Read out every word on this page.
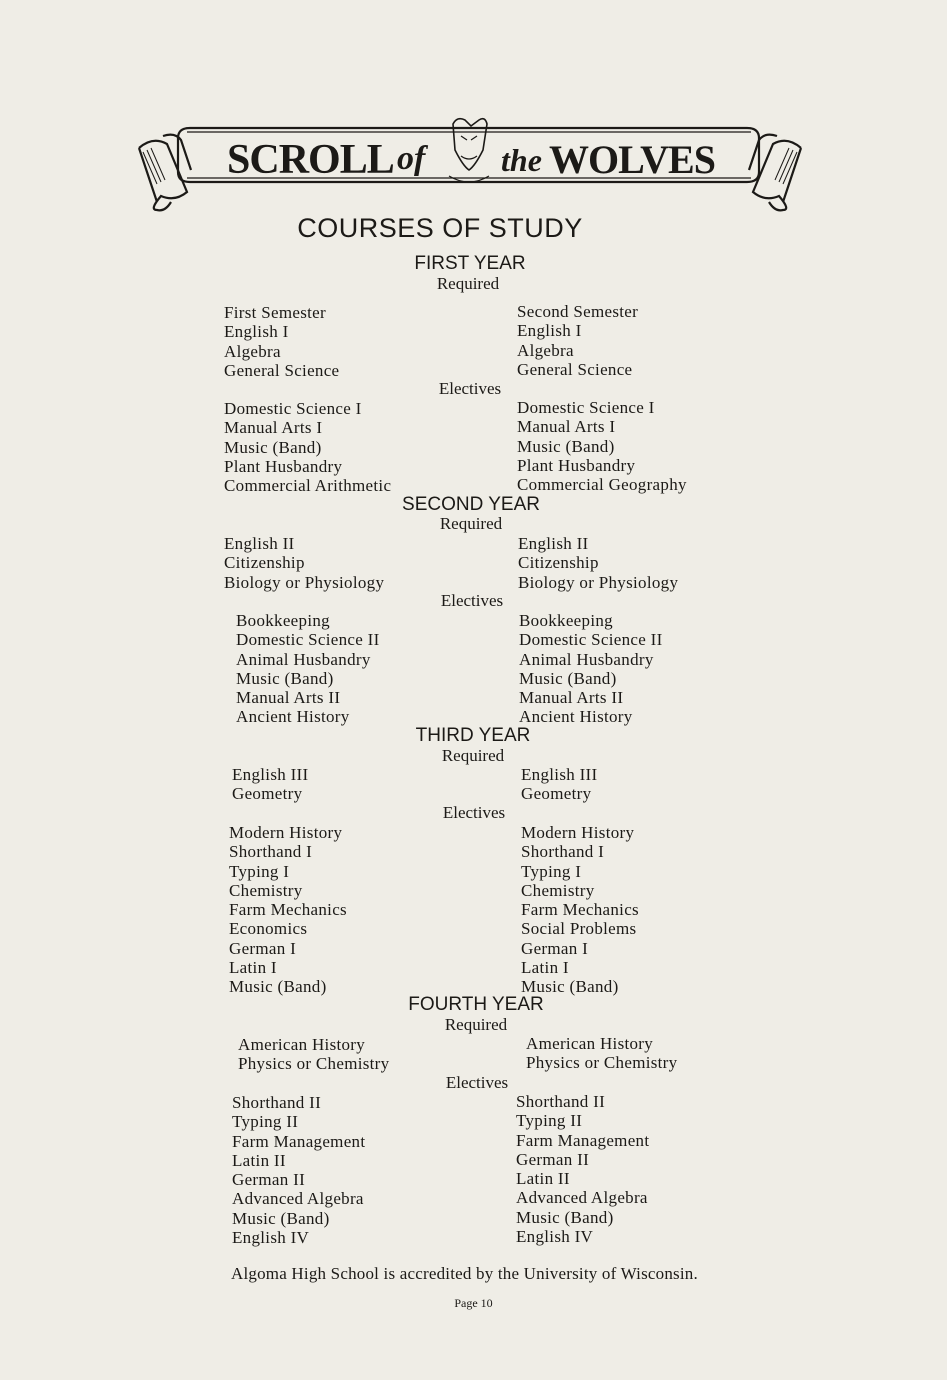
SCROLL of the WOLVES
COURSES OF STUDY
FIRST YEAR
Required
First Semester
English I
Algebra
General Science
Second Semester
English I
Algebra
General Science
Electives
Domestic Science I
Manual Arts I
Music (Band)
Plant Husbandry
Commercial Arithmetic
Domestic Science I
Manual Arts I
Music (Band)
Plant Husbandry
Commercial Geography
SECOND YEAR
Required
English II
Citizenship
Biology or Physiology
English II
Citizenship
Biology or Physiology
Electives
Bookkeeping
Domestic Science II
Animal Husbandry
Music (Band)
Manual Arts II
Ancient History
Bookkeeping
Domestic Science II
Animal Husbandry
Music (Band)
Manual Arts II
Ancient History
THIRD YEAR
Required
English III
Geometry
English III
Geometry
Electives
Modern History
Shorthand I
Typing I
Chemistry
Farm Mechanics
Economics
German I
Latin I
Music (Band)
Modern History
Shorthand I
Typing I
Chemistry
Farm Mechanics
Social Problems
German I
Latin I
Music (Band)
FOURTH YEAR
Required
American History
Physics or Chemistry
American History
Physics or Chemistry
Electives
Shorthand II
Typing II
Farm Management
Latin II
German II
Advanced Algebra
Music (Band)
English IV
Shorthand II
Typing II
Farm Management
German II
Latin II
Advanced Algebra
Music (Band)
English IV
Algoma High School is accredited by the University of Wisconsin.
Page 10
